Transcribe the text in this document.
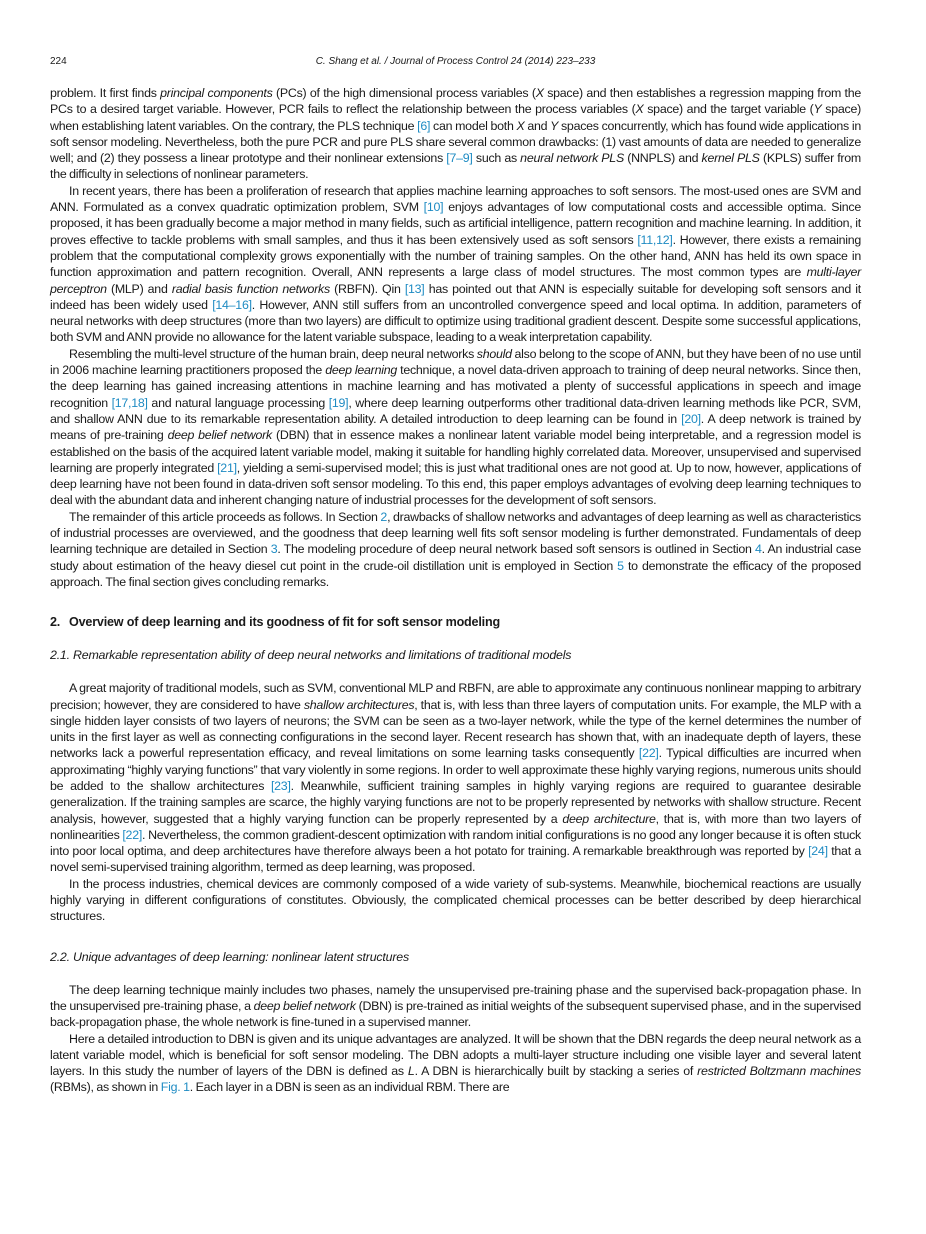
224	C. Shang et al. / Journal of Process Control 24 (2014) 223–233

problem. It first finds principal components (PCs) of the high dimensional process variables (X space) and then establishes a regression mapping from the PCs to a desired target variable. However, PCR fails to reflect the relationship between the process variables (X space) and the target variable (Y space) when establishing latent variables. On the contrary, the PLS technique [6] can model both X and Y spaces concurrently, which has found wide applications in soft sensor modeling. Nevertheless, both the pure PCR and pure PLS share several common drawbacks: (1) vast amounts of data are needed to generalize well; and (2) they possess a linear prototype and their nonlinear extensions [7–9] such as neural network PLS (NNPLS) and kernel PLS (KPLS) suffer from the difficulty in selections of nonlinear parameters.

In recent years, there has been a proliferation of research that applies machine learning approaches to soft sensors. The most-used ones are SVM and ANN. Formulated as a convex quadratic optimization problem, SVM [10] enjoys advantages of low computational costs and accessible optima. Since proposed, it has been gradually become a major method in many fields, such as artificial intelligence, pattern recognition and machine learning. In addition, it proves effective to tackle problems with small samples, and thus it has been extensively used as soft sensors [11,12]. However, there exists a remaining problem that the computational complexity grows exponentially with the number of training samples. On the other hand, ANN has held its own space in function approximation and pattern recognition. Overall, ANN represents a large class of model structures. The most common types are multi-layer perceptron (MLP) and radial basis function networks (RBFN). Qin [13] has pointed out that ANN is especially suitable for developing soft sensors and it indeed has been widely used [14–16]. However, ANN still suffers from an uncontrolled convergence speed and local optima. In addition, parameters of neural networks with deep structures (more than two layers) are difficult to optimize using traditional gradient descent. Despite some successful applications, both SVM and ANN provide no allowance for the latent variable subspace, leading to a weak interpretation capability.

Resembling the multi-level structure of the human brain, deep neural networks should also belong to the scope of ANN, but they have been of no use until in 2006 machine learning practitioners proposed the deep learning technique, a novel data-driven approach to training of deep neural networks. Since then, the deep learning has gained increasing attentions in machine learning and has motivated a plenty of successful applications in speech and image recognition [17,18] and natural language processing [19], where deep learning outperforms other traditional data-driven learning methods like PCR, SVM, and shallow ANN due to its remarkable representation ability. A detailed introduction to deep learning can be found in [20]. A deep network is trained by means of pre-training deep belief network (DBN) that in essence makes a nonlinear latent variable model being interpretable, and a regression model is established on the basis of the acquired latent variable model, making it suitable for handling highly correlated data. Moreover, unsupervised and supervised learning are properly integrated [21], yielding a semi-supervised model; this is just what traditional ones are not good at. Up to now, however, applications of deep learning have not been found in data-driven soft sensor modeling. To this end, this paper employs advantages of evolving deep learning techniques to deal with the abundant data and inherent changing nature of industrial processes for the development of soft sensors.

The remainder of this article proceeds as follows. In Section 2, drawbacks of shallow networks and advantages of deep learning as well as characteristics of industrial processes are overviewed, and the goodness that deep learning well fits soft sensor modeling is further demonstrated. Fundamentals of deep learning technique are detailed in Section 3. The modeling procedure of deep neural network based soft sensors is outlined in Section 4. An industrial case study about estimation of the heavy diesel cut point in the crude-oil distillation unit is employed in Section 5 to demonstrate the efficacy of the proposed approach. The final section gives concluding remarks.

2. Overview of deep learning and its goodness of fit for soft sensor modeling
2.1. Remarkable representation ability of deep neural networks and limitations of traditional models

A great majority of traditional models, such as SVM, conventional MLP and RBFN, are able to approximate any continuous nonlinear mapping to arbitrary precision; however, they are considered to have shallow architectures, that is, with less than three layers of computation units. For example, the MLP with a single hidden layer consists of two layers of neurons; the SVM can be seen as a two-layer network, while the type of the kernel determines the number of units in the first layer as well as connecting configurations in the second layer. Recent research has shown that, with an inadequate depth of layers, these networks lack a powerful representation efficacy, and reveal limitations on some learning tasks consequently [22]. Typical difficulties are incurred when approximating “highly varying functions” that vary violently in some regions. In order to well approximate these highly varying regions, numerous units should be added to the shallow architectures [23]. Meanwhile, sufficient training samples in highly varying regions are required to guarantee desirable generalization. If the training samples are scarce, the highly varying functions are not to be properly represented by networks with shallow structure. Recent analysis, however, suggested that a highly varying function can be properly represented by a deep architecture, that is, with more than two layers of nonlinearities [22]. Nevertheless, the common gradient-descent optimization with random initial configurations is no good any longer because it is often stuck into poor local optima, and deep architectures have therefore always been a hot potato for training. A remarkable breakthrough was reported by [24] that a novel semi-supervised training algorithm, termed as deep learning, was proposed.

In the process industries, chemical devices are commonly composed of a wide variety of sub-systems. Meanwhile, biochemical reactions are usually highly varying in different configurations of constitutes. Obviously, the complicated chemical processes can be better described by deep hierarchical structures.

2.2. Unique advantages of deep learning: nonlinear latent structures

The deep learning technique mainly includes two phases, namely the unsupervised pre-training phase and the supervised back-propagation phase. In the unsupervised pre-training phase, a deep belief network (DBN) is pre-trained as initial weights of the subsequent supervised phase, and in the supervised back-propagation phase, the whole network is fine-tuned in a supervised manner.

Here a detailed introduction to DBN is given and its unique advantages are analyzed. It will be shown that the DBN regards the deep neural network as a latent variable model, which is beneficial for soft sensor modeling. The DBN adopts a multi-layer structure including one visible layer and several latent layers. In this study the number of layers of the DBN is defined as L. A DBN is hierarchically built by stacking a series of restricted Boltzmann machines (RBMs), as shown in Fig. 1. Each layer in a DBN is seen as an individual RBM. There are
